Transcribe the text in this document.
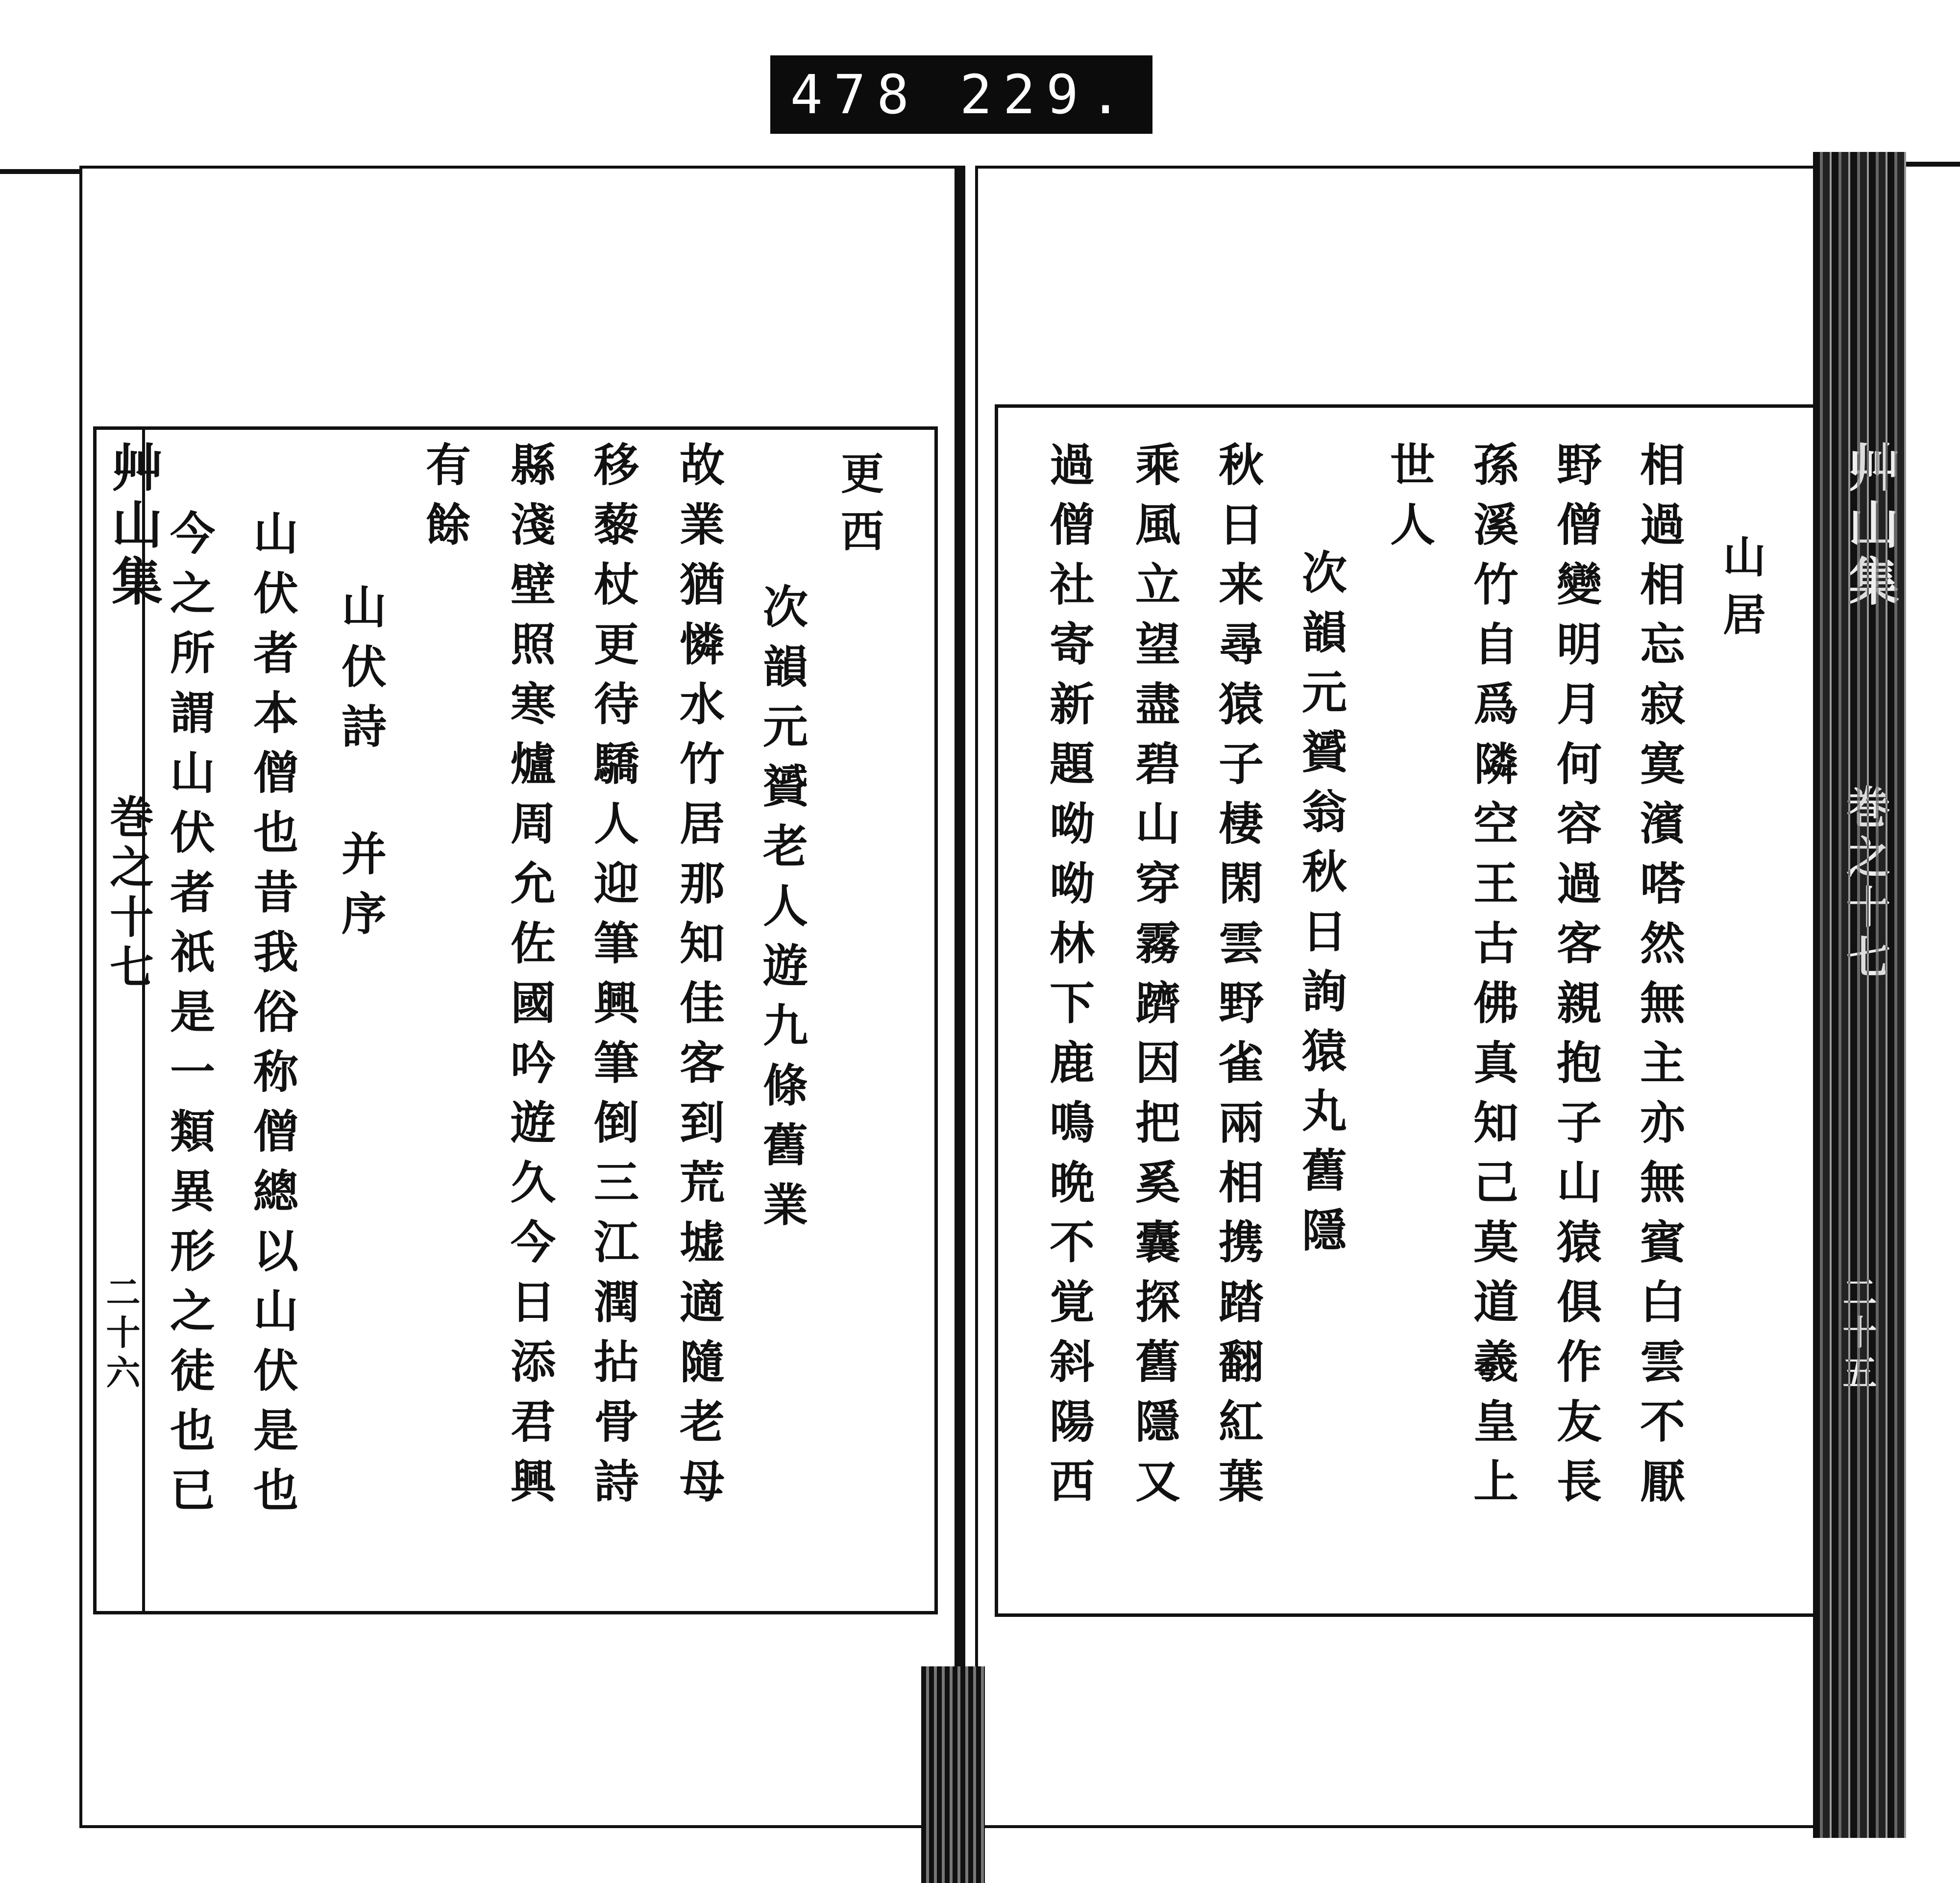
478 229.
艸山集
巻之十七
二十六
更西
次韻元贇老人遊九條舊業
故業猶憐水竹居那知佳客到荒墟適隨老母
移藜杖更待驕人迎筆興筆倒三江潤拈骨詩
縣淺壁照寒爐周允佐國吟遊久今日添君興
有餘
山伏詩 并序
山伏者本僧也昔我俗称僧總以山伏是也
今之所謂山伏者祇是一類異形之徒也已	山居
相過相忘寂寞濱嗒然無主亦無賓白雲不厭
野僧變明月何容過客親抱子山猿俱作友長
孫溪竹自爲隣空王古佛真知己莫道羲皇上
世人
次韻元贇翁秋日詢猿丸舊隱
秋日来尋猿子棲閑雲野雀兩相携踏翻紅葉
乘風立望盡碧山穿霧躋因把奚囊探舊隱又
過僧社寄新題呦呦林下鹿鳴晩不覚斜陽西	艸山集
巻之十七
二十五
